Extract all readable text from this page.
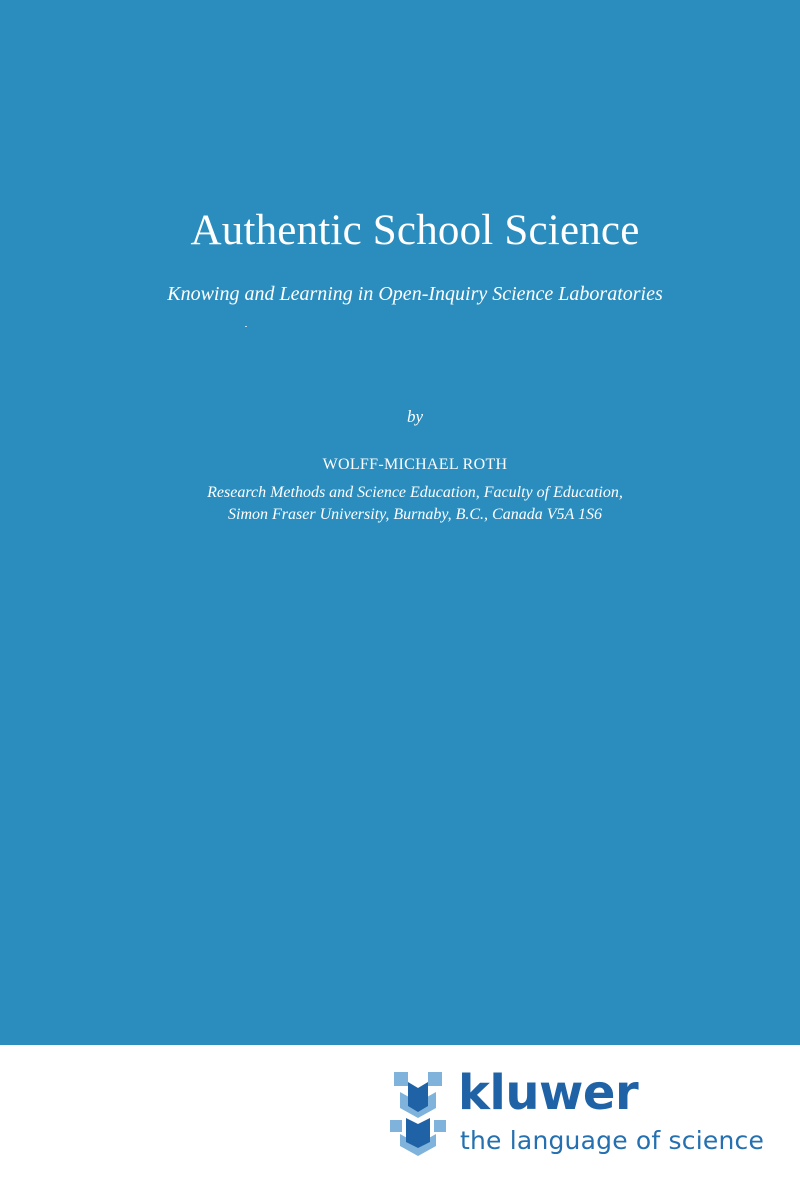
Authentic School Science
Knowing and Learning in Open-Inquiry Science Laboratories
by
WOLFF-MICHAEL ROTH
Research Methods and Science Education, Faculty of Education,
Simon Fraser University, Burnaby, B.C., Canada V5A 1S6
kluwer
the language of science
